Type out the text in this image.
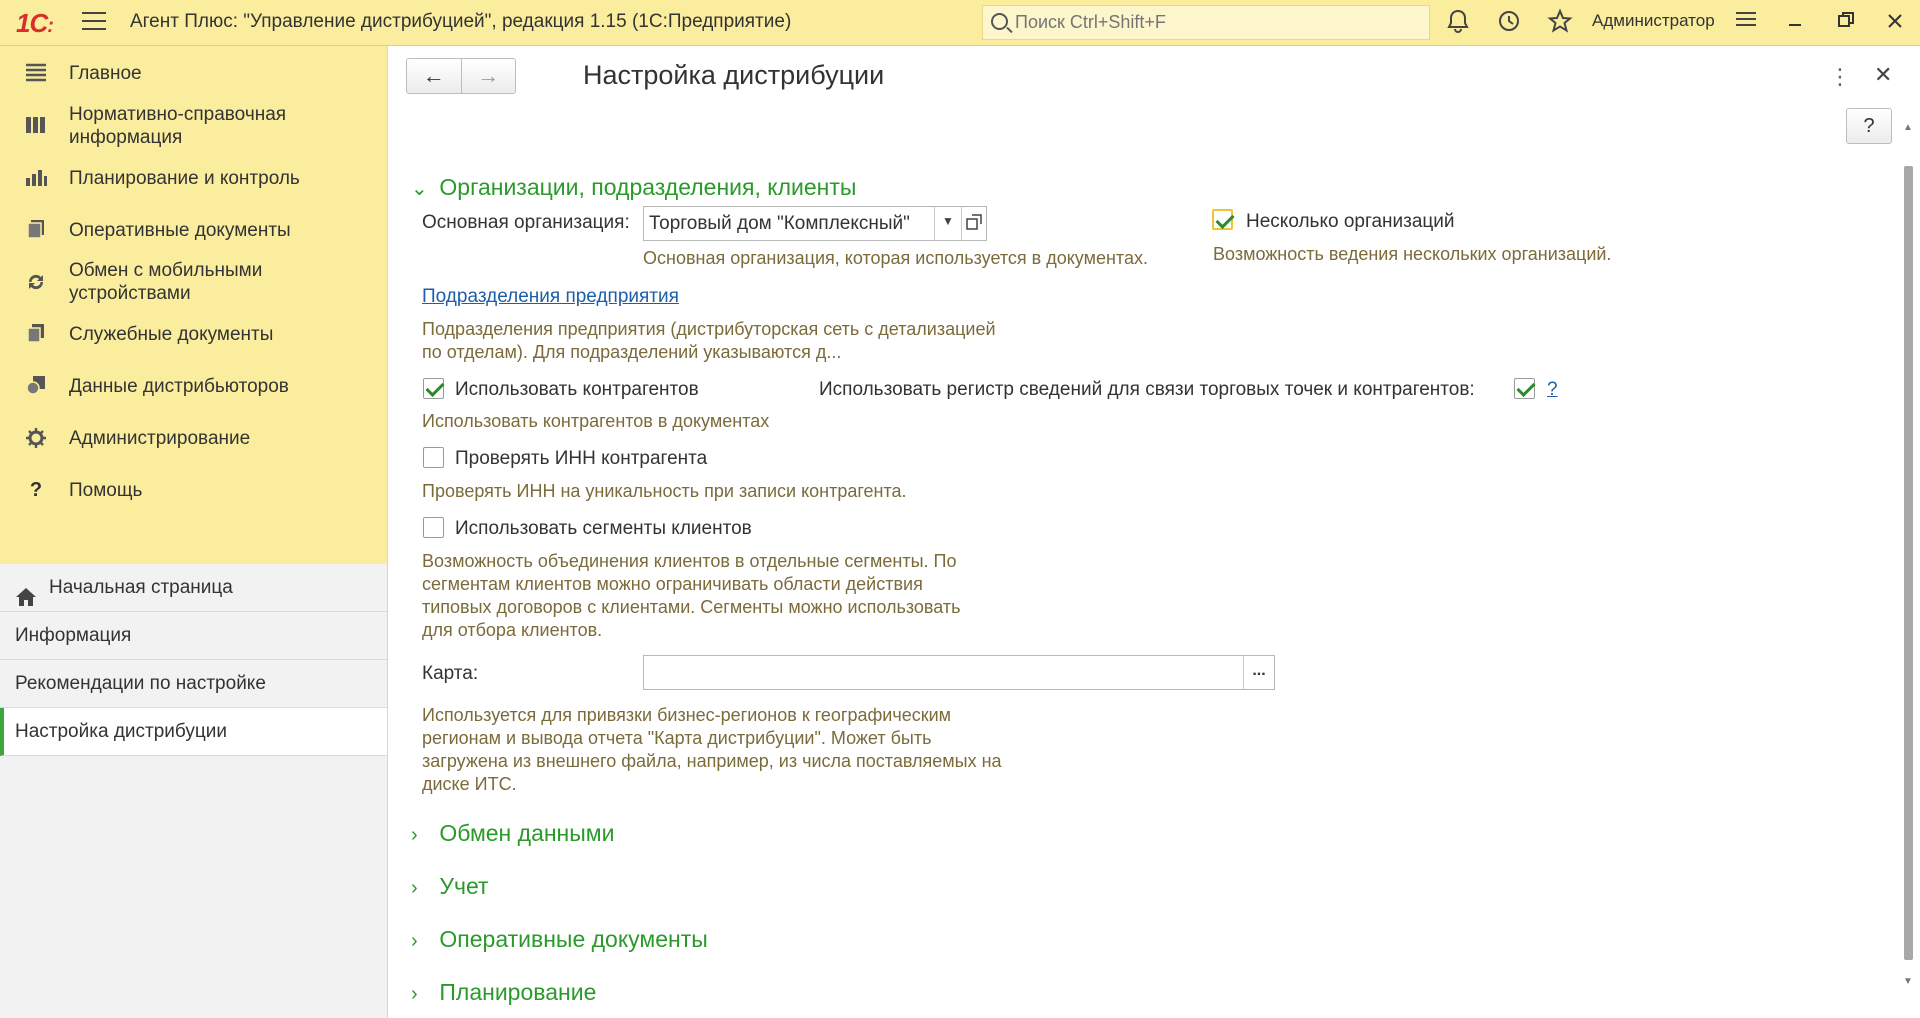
1С:	Агент Плюс: "Управление дистрибуцией", редакция 1.15 (1С:Предприятие)
Поиск Ctrl+Shift+F	Администратор
Главное
Нормативно-справочная информация
Планирование и контроль
Оперативные документы
Обмен с мобильными устройствами
Служебные документы
Данные дистрибьюторов
Администрирование
?	Помощь
Начальная страница
Информация
Рекомендации по настройке
Настройка дистрибуции
←	→	Настройка дистрибуции	⋮ ✕
?	▲
▼
⌄ Организации, подразделения, клиенты
Основная организация: Торговый дом "Комплексный"	▼
Основная организация, которая используется в документах.
Несколько организаций
Возможность ведения нескольких организаций.
Подразделения предприятия
Подразделения предприятия (дистрибуторская сеть с детализацией по отделам). Для подразделений указываются д...
Использовать контрагентов
Использовать контрагентов в документах
Использовать регистр сведений для связи торговых точек и контрагентов:	?
Проверять ИНН контрагента
Проверять ИНН на уникальность при записи контрагента.
Использовать сегменты клиентов
Возможность объединения клиентов в отдельные сегменты. По сегментам клиентов можно ограничивать области действия типовых договоров с клиентами. Сегменты можно использовать для отбора клиентов.
Карта:	...
Используется для привязки бизнес-регионов к географическим регионам и вывода отчета "Карта дистрибуции". Может быть загружена из внешнего файла, например, из числа поставляемых на диске ИТС.
› Обмен данными
› Учет
› Оперативные документы
› Планирование
